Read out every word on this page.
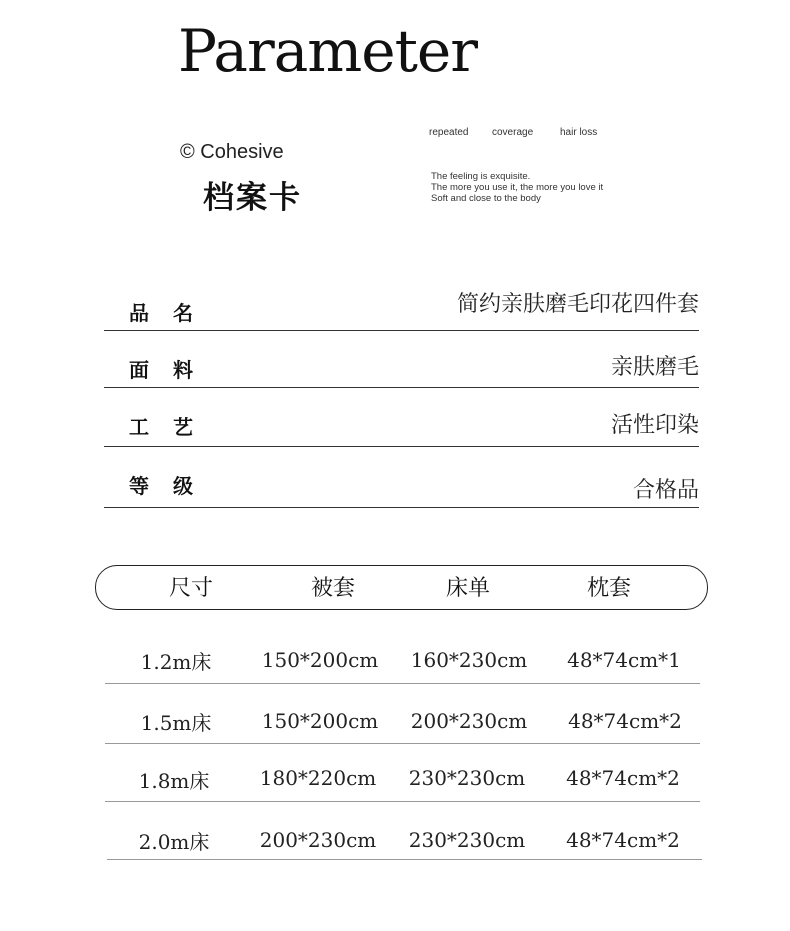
Parameter
© Cohesive
档案卡
repeated coverage	hair loss
The feeling is exquisite.
The more you use it, the more you love it
Soft and close to the body
品名	简约亲肤磨毛印花四件套
面料	亲肤磨毛
工艺	活性印染
等级	合格品
尺寸	被套	床单	枕套
1.2m床	150*200cm 160*230cm 48*74cm*1
1.5m床	150*200cm 200*230cm 48*74cm*2
1.8m床	180*220cm 230*230cm 48*74cm*2
2.0m床	200*230cm 230*230cm 48*74cm*2
